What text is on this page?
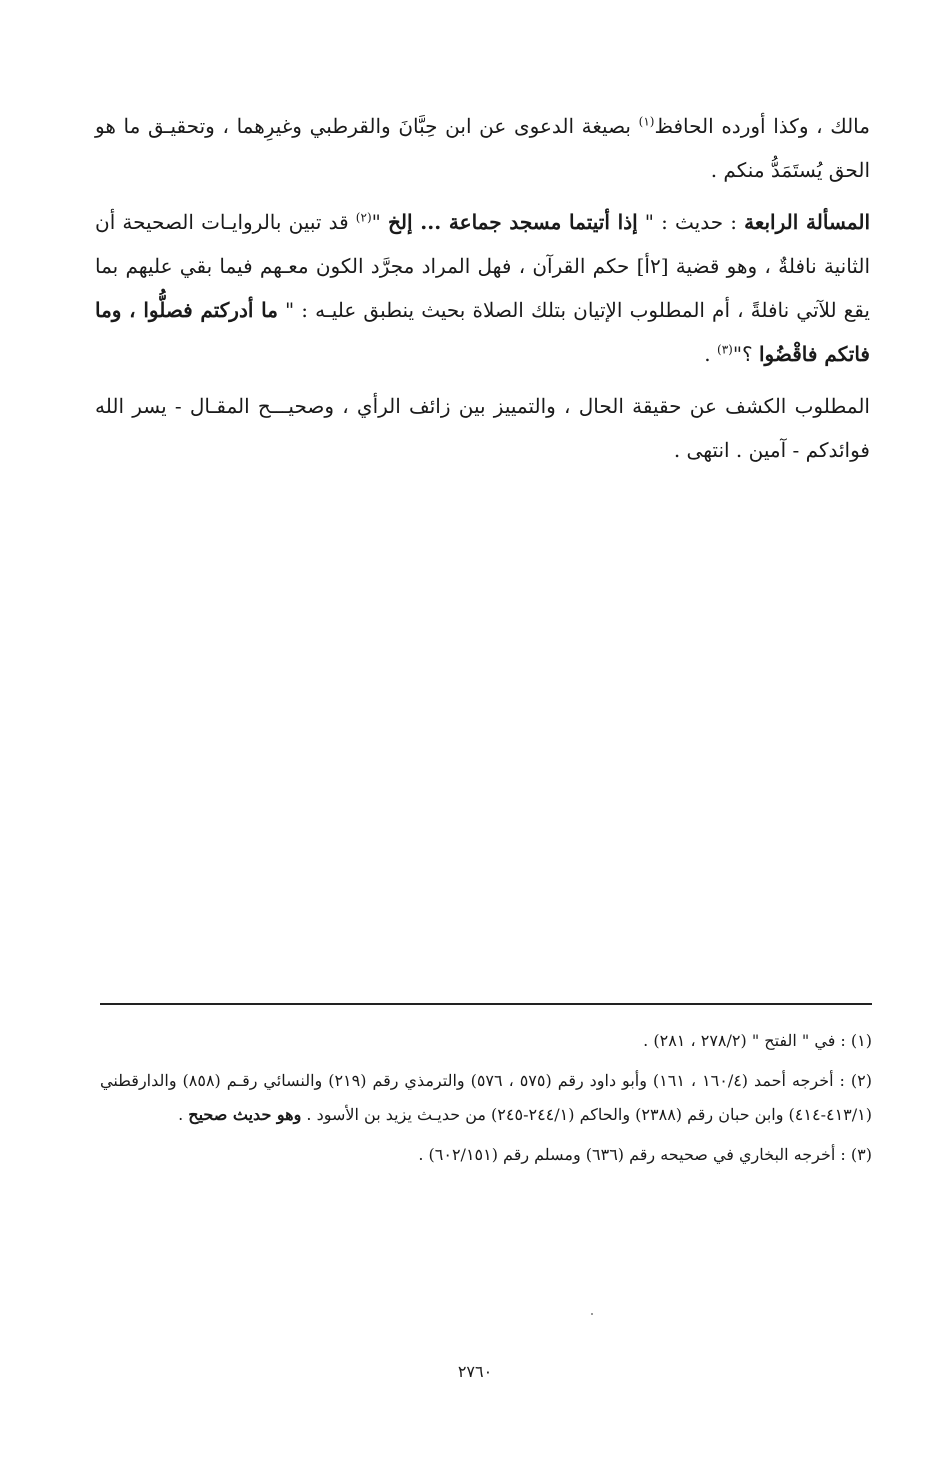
مالك ، وكذا أورده الحافظ$^{(١)}$ بصيغة الدعوى عن ابن حِبَّانَ والقرطبي وغيرِهما ، وتحقيـق ما هو الحق يُستَمَدُّ منكم .

المسألة الرابعة : حديث : " إذا أتيتما مسجد جماعة ... إلخ "$^{(٢)}$ قد تبين بالروايـات الصحيحة أن الثانية نافلةٌ ، وهو قضية [٢أ] حكم القرآن ، فهل المراد مجرَّد الكون معـهم فيما بقي عليهم بما يقع للآتي نافلةً ، أم المطلوب الإتيان بتلك الصلاة بحيث ينطبق عليـه : " ما أدركتم فصلُّوا ، وما فاتكم فاقْضُوا ؟"$^{(٣)}$ .

المطلوب الكشف عن حقيقة الحال ، والتمييز بين زائف الرأي ، وصحيـــح المقـال - يسر الله فوائدكم - آمين . انتهى .

(١) : في " الفتح " (٢٧٨/٢ ، ٢٨١) .

(٢) : أخرجه أحمد (١٦٠/٤ ، ١٦١) وأبو داود رقم (٥٧٥ ، ٥٧٦) والترمذي رقم (٢١٩) والنسائي رقـم (٨٥٨) والدارقطني (٤١٣/١-٤١٤) وابن حبان رقم (٢٣٨٨) والحاكم (٢٤٤/١-٢٤٥) من حديـث يزيد بن الأسود . وهو حديث صحيح .

(٣) : أخرجه البخاري في صحيحه رقم (٦٣٦) ومسلم رقم (٦٠٢/١٥١) .

٢٧٦٠
